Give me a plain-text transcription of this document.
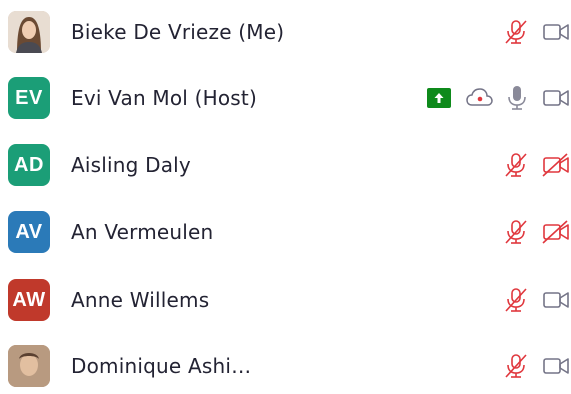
Bieke De Vrieze (Me)
EV	Evi Van Mol (Host)
AD	Aisling Daly
AV	An Vermeulen
AW Anne Willems
Dominique Ashi…
